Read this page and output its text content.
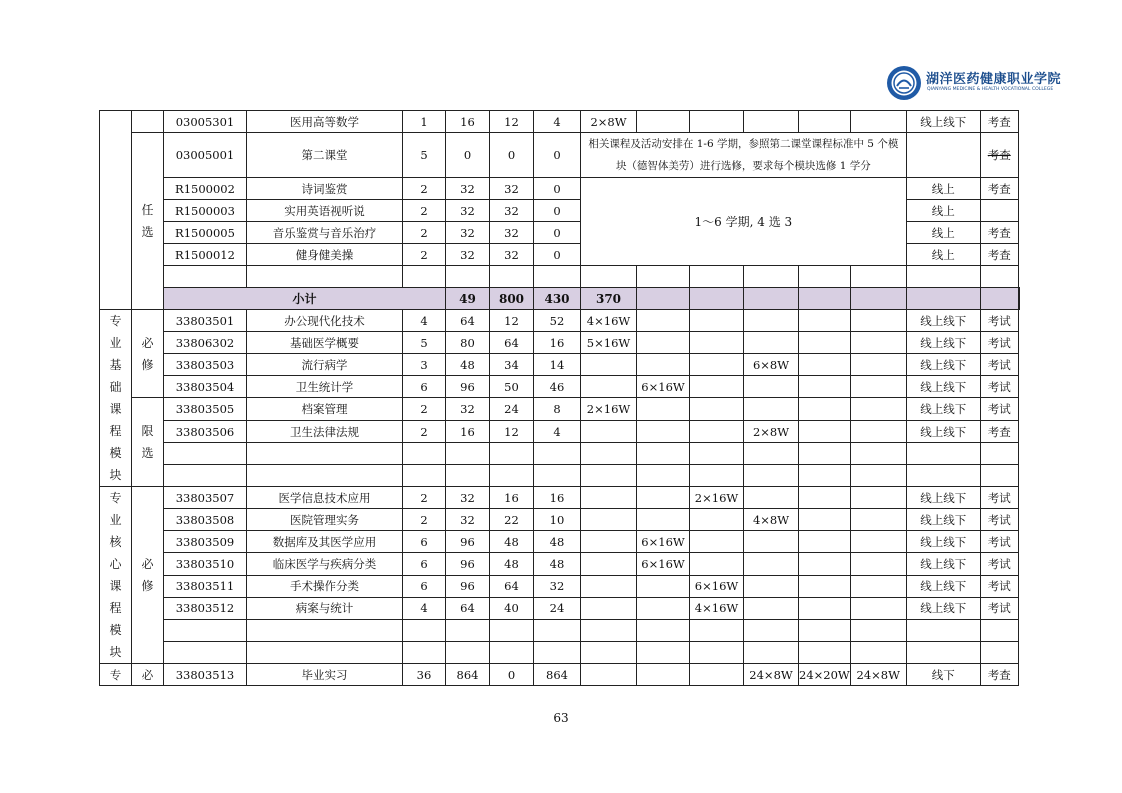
湖洋医药健康职业学院
QIANYANG MEDICINE & HEALTH VOCATIONAL COLLEGE
		03005301	医用高等数学	1	16	12	4	2×8W						线上线下	考查	
	任选	03005001	第二课堂	5	0	0	0	相关课程及活动安排在 1-6 学期，参照第二课堂课程标准中 5 个模块（德智体美劳）进行选修，要求每个模块选修 1 学分							考查	
		R1500002	诗词鉴赏	2	32	32	0	1～6 学期, 4 选 3						线上	考查	
		R1500003	实用英语视听说	2	32	32	0							线上		
		R1500005	音乐鉴赏与音乐治疗	2	32	32	0							线上	考查	
		R1500012	健身健美操	2	32	32	0							线上	考查	

		小计			49	800	430	370								
专业基础课程模块	必修	33803501	办公现代化技术	4	64	12	52	4×16W						线上线下	考试	
		33806302	基础医学概要	5	80	64	16	5×16W						线上线下	考试	
		33803503	流行病学	3	48	34	14				6×8W			线上线下	考试	
		33803504	卫生统计学	6	96	50	46		6×16W					线上线下	考试	
	限选	33803505	档案管理	2	32	24	8	2×16W						线上线下	考试	
		33803506	卫生法律法规	2	16	12	4				2×8W			线上线下	考查	

专业核心课程模块	必修	33803507	医学信息技术应用	2	32	16	16			2×16W				线上线下	考试	
		33803508	医院管理实务	2	32	22	10				4×8W			线上线下	考试	
		33803509	数据库及其医学应用	6	96	48	48		6×16W					线上线下	考试	
		33803510	临床医学与疾病分类	6	96	48	48		6×16W					线上线下	考试	
		33803511	手术操作分类	6	96	64	32			6×16W				线上线下	考试	
		33803512	病案与统计	4	64	40	24			4×16W				线上线下	考试	

专	必	33803513	毕业实习	36	864	0	864				24×8W	24×20W	24×8W	线下	考查	
63
